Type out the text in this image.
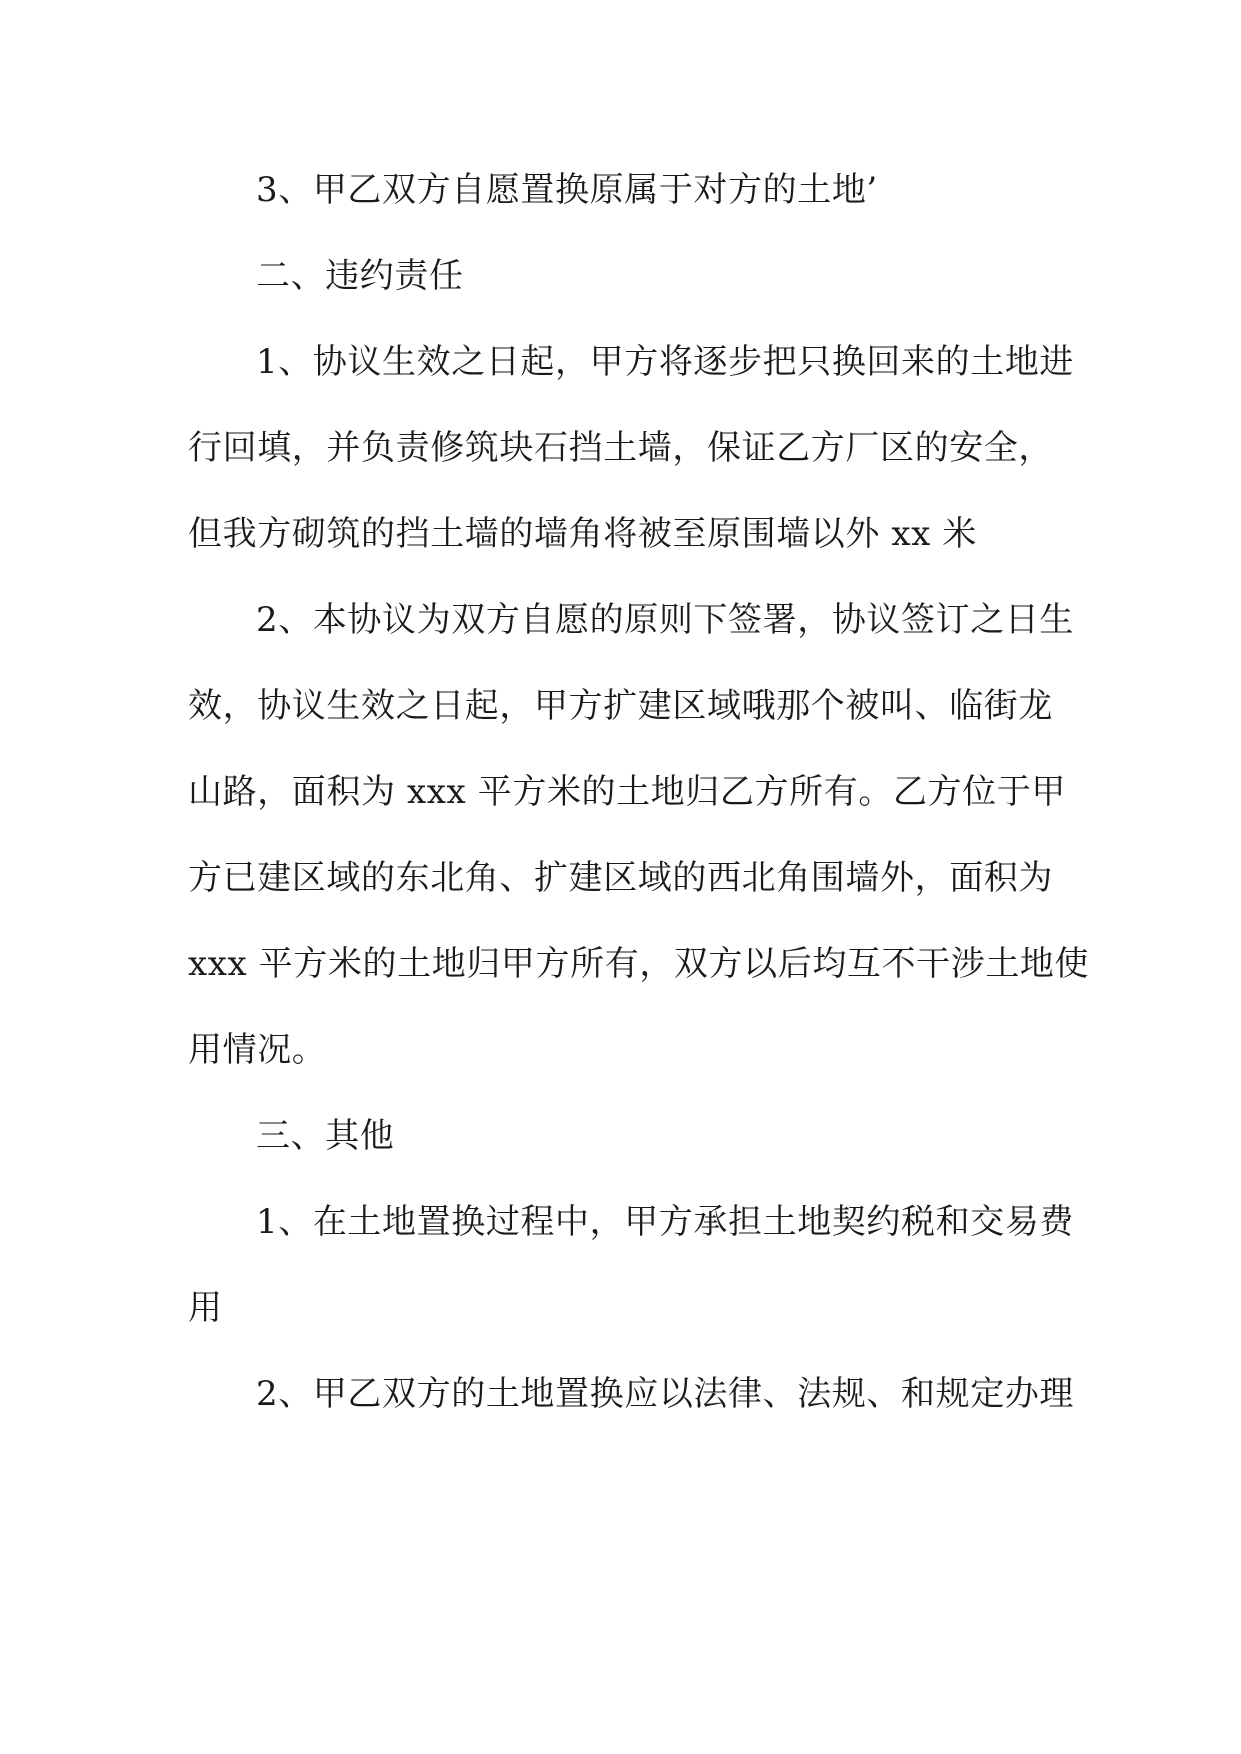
3、甲乙双方自愿置换原属于对方的土地’
二、违约责任
1、协议生效之日起，甲方将逐步把只换回来的土地进
行回填，并负责修筑块石挡土墙，保证乙方厂区的安全，
但我方砌筑的挡土墙的墙角将被至原围墙以外 xx 米
2、本协议为双方自愿的原则下签署，协议签订之日生
效，协议生效之日起，甲方扩建区域哦那个被叫、临街龙
山路，面积为 xxx 平方米的土地归乙方所有。乙方位于甲
方已建区域的东北角、扩建区域的西北角围墙外，面积为
xxx 平方米的土地归甲方所有，双方以后均互不干涉土地使
用情况。
三、其他
1、在土地置换过程中，甲方承担土地契约税和交易费
用
2、甲乙双方的土地置换应以法律、法规、和规定办理
